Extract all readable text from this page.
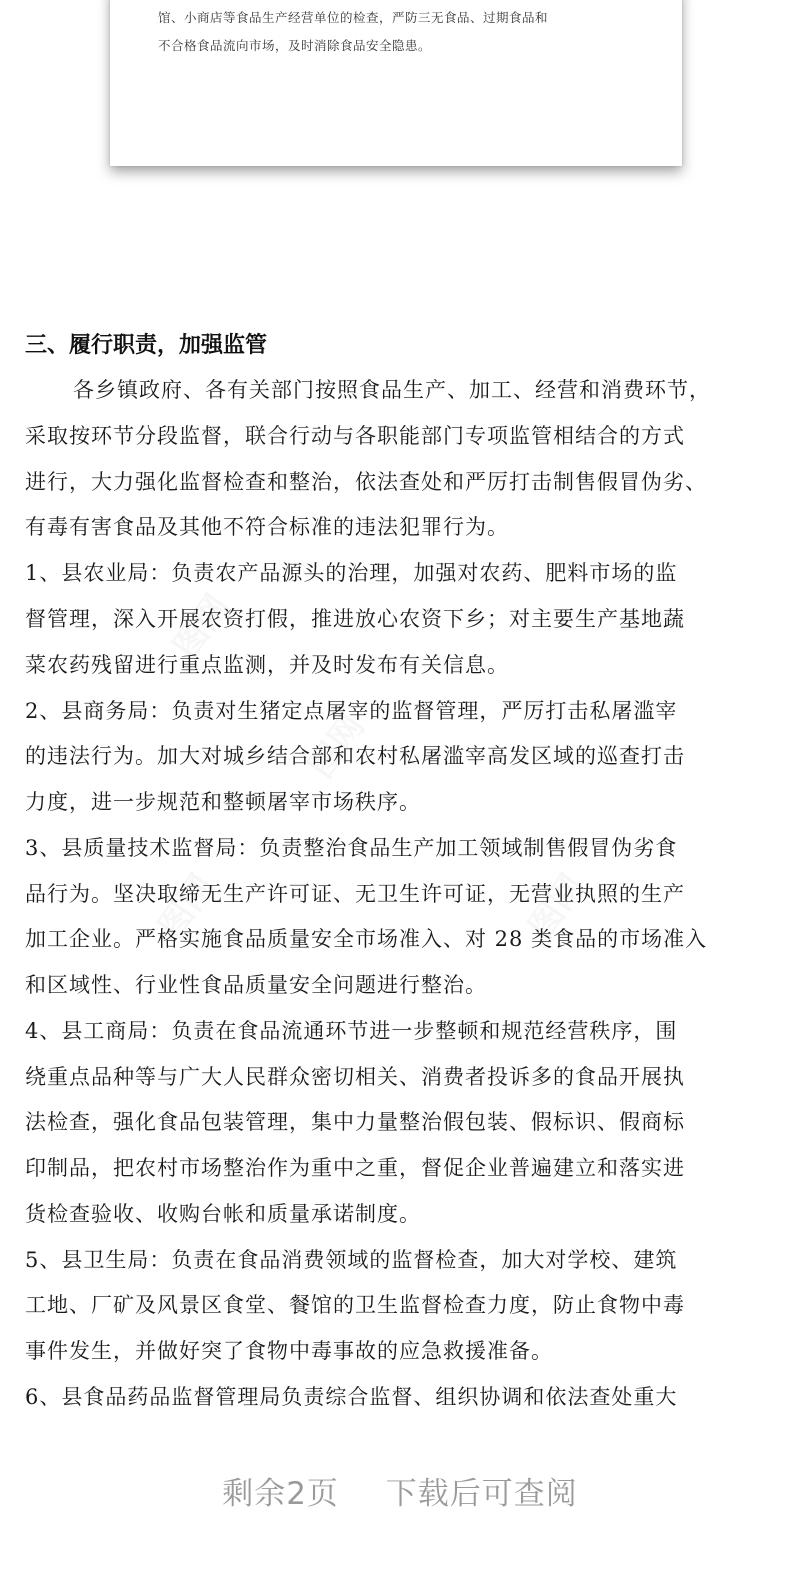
馆、小商店等食品生产经营单位的检查，严防三无食品、过期食品和
不合格食品流向市场，及时消除食品安全隐患。
三、履行职责，加强监管
各乡镇政府、各有关部门按照食品生产、加工、经营和消费环节，
采取按环节分段监督，联合行动与各职能部门专项监管相结合的方式
进行，大力强化监督检查和整治，依法查处和严厉打击制售假冒伪劣、
有毒有害食品及其他不符合标准的违法犯罪行为。
1、县农业局：负责农产品源头的治理，加强对农药、肥料市场的监
督管理，深入开展农资打假，推进放心农资下乡；对主要生产基地蔬
菜农药残留进行重点监测，并及时发布有关信息。
2、县商务局：负责对生猪定点屠宰的监督管理，严厉打击私屠滥宰
的违法行为。加大对城乡结合部和农村私屠滥宰高发区域的巡查打击
力度，进一步规范和整顿屠宰市场秩序。
3、县质量技术监督局：负责整治食品生产加工领域制售假冒伪劣食
品行为。坚决取缔无生产许可证、无卫生许可证，无营业执照的生产
加工企业。严格实施食品质量安全市场准入、对 28 类食品的市场准入
和区域性、行业性食品质量安全问题进行整治。
4、县工商局：负责在食品流通环节进一步整顿和规范经营秩序，围
绕重点品种等与广大人民群众密切相关、消费者投诉多的食品开展执
法检查，强化食品包装管理，集中力量整治假包装、假标识、假商标
印制品，把农村市场整治作为重中之重，督促企业普遍建立和落实进
货检查验收、收购台帐和质量承诺制度。
5、县卫生局：负责在食品消费领域的监督检查，加大对学校、建筑
工地、厂矿及风景区食堂、餐馆的卫生监督检查力度，防止食物中毒
事件发生，并做好突了食物中毒事故的应急救援准备。
6、县食品药品监督管理局负责综合监督、组织协调和依法查处重大
剩余2页 下载后可查阅
